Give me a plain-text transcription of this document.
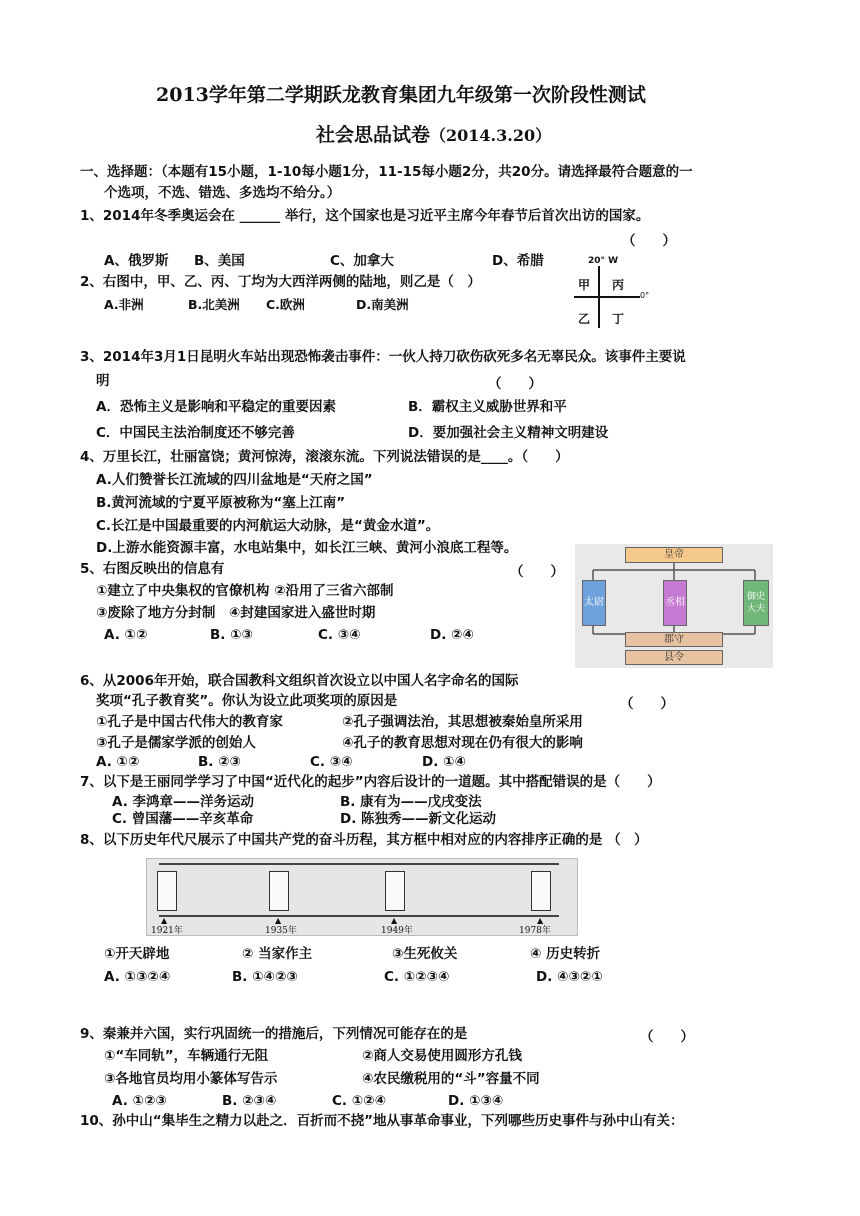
2013学年第二学期跃龙教育集团九年级第一次阶段性测试
社会思品试卷（2014.3.20）
一、选择题：（本题有15小题，1-10每小题1分，11-15每小题2分，共20分。请选择最符合题意的一
个选项，不选、错选、多选均不给分。）
1、2014年冬季奥运会在 ______ 举行，这个国家也是习近平主席今年春节后首次出访的国家。
（　　）
A、俄罗斯 B、美国	C、加拿大	D、希腊
2、右图中，甲、乙、丙、丁均为大西洋两侧的陆地，则乙是（　）
A.非洲	B.北美洲 C.欧洲	D.南美洲
20° W
0°
甲 丙
乙 丁
3、2014年3月1日昆明火车站出现恐怖袭击事件：一伙人持刀砍伤砍死多名无辜民众。该事件主要说
明	（　　）
A．恐怖主义是影响和平稳定的重要因素	B．霸权主义威胁世界和平
C．中国民主法治制度还不够完善	D．要加强社会主义精神文明建设
4、万里长江，壮丽富饶；黄河惊涛，滚滚东流。下列说法错误的是____。（　　）
A.人们赞誉长江流域的四川盆地是“天府之国”
B.黄河流域的宁夏平原被称为“塞上江南”
C.长江是中国最重要的内河航运大动脉，是“黄金水道”。
D.上游水能资源丰富，水电站集中，如长江三峡、黄河小浪底工程等。
5、右图反映出的信息有	（　　）
①建立了中央集权的官僚机构 ②沿用了三省六部制
③废除了地方分封制　④封建国家进入盛世时期
A. ①②	B. ①③	C. ③④	D. ②④
皇帝
太尉	丞相	御史大夫
郡守
县令
6、从2006年开始，联合国教科文组织首次设立以中国人名字命名的国际
奖项“孔子教育奖”。你认为设立此项奖项的原因是	（　　）
①孔子是中国古代伟大的教育家	②孔子强调法治，其思想被秦始皇所采用
③孔子是儒家学派的创始人	④孔子的教育思想对现在仍有很大的影响
A. ①②	B. ②③	C. ③④	D. ①④
7、以下是王丽同学学习了中国“近代化的起步”内容后设计的一道题。其中搭配错误的是（　　）
A. 李鸿章——洋务运动	B. 康有为——戊戌变法
C. 曾国藩——辛亥革命	D. 陈独秀——新文化运动
8、以下历史年代尺展示了中国共产党的奋斗历程，其方框中相对应的内容排序正确的是 （　）
▲	▲	▲	▲
1921年	1935年	1949年	1978年
①开天辟地	② 当家作主	③生死攸关	④ 历史转折
A. ①③②④	B. ①④②③	C. ①②③④	D. ④③②①
9、秦兼并六国，实行巩固统一的措施后，下列情况可能存在的是	（　　）
①“车同轨”，车辆通行无阻	②商人交易使用圆形方孔钱
③各地官员均用小篆体写告示	④农民缴税用的“斗”容量不同
A. ①②③	B. ②③④	C. ①②④	D. ①③④
10、孙中山“集毕生之精力以赴之．百折而不挠”地从事革命事业，下列哪些历史事件与孙中山有关：
